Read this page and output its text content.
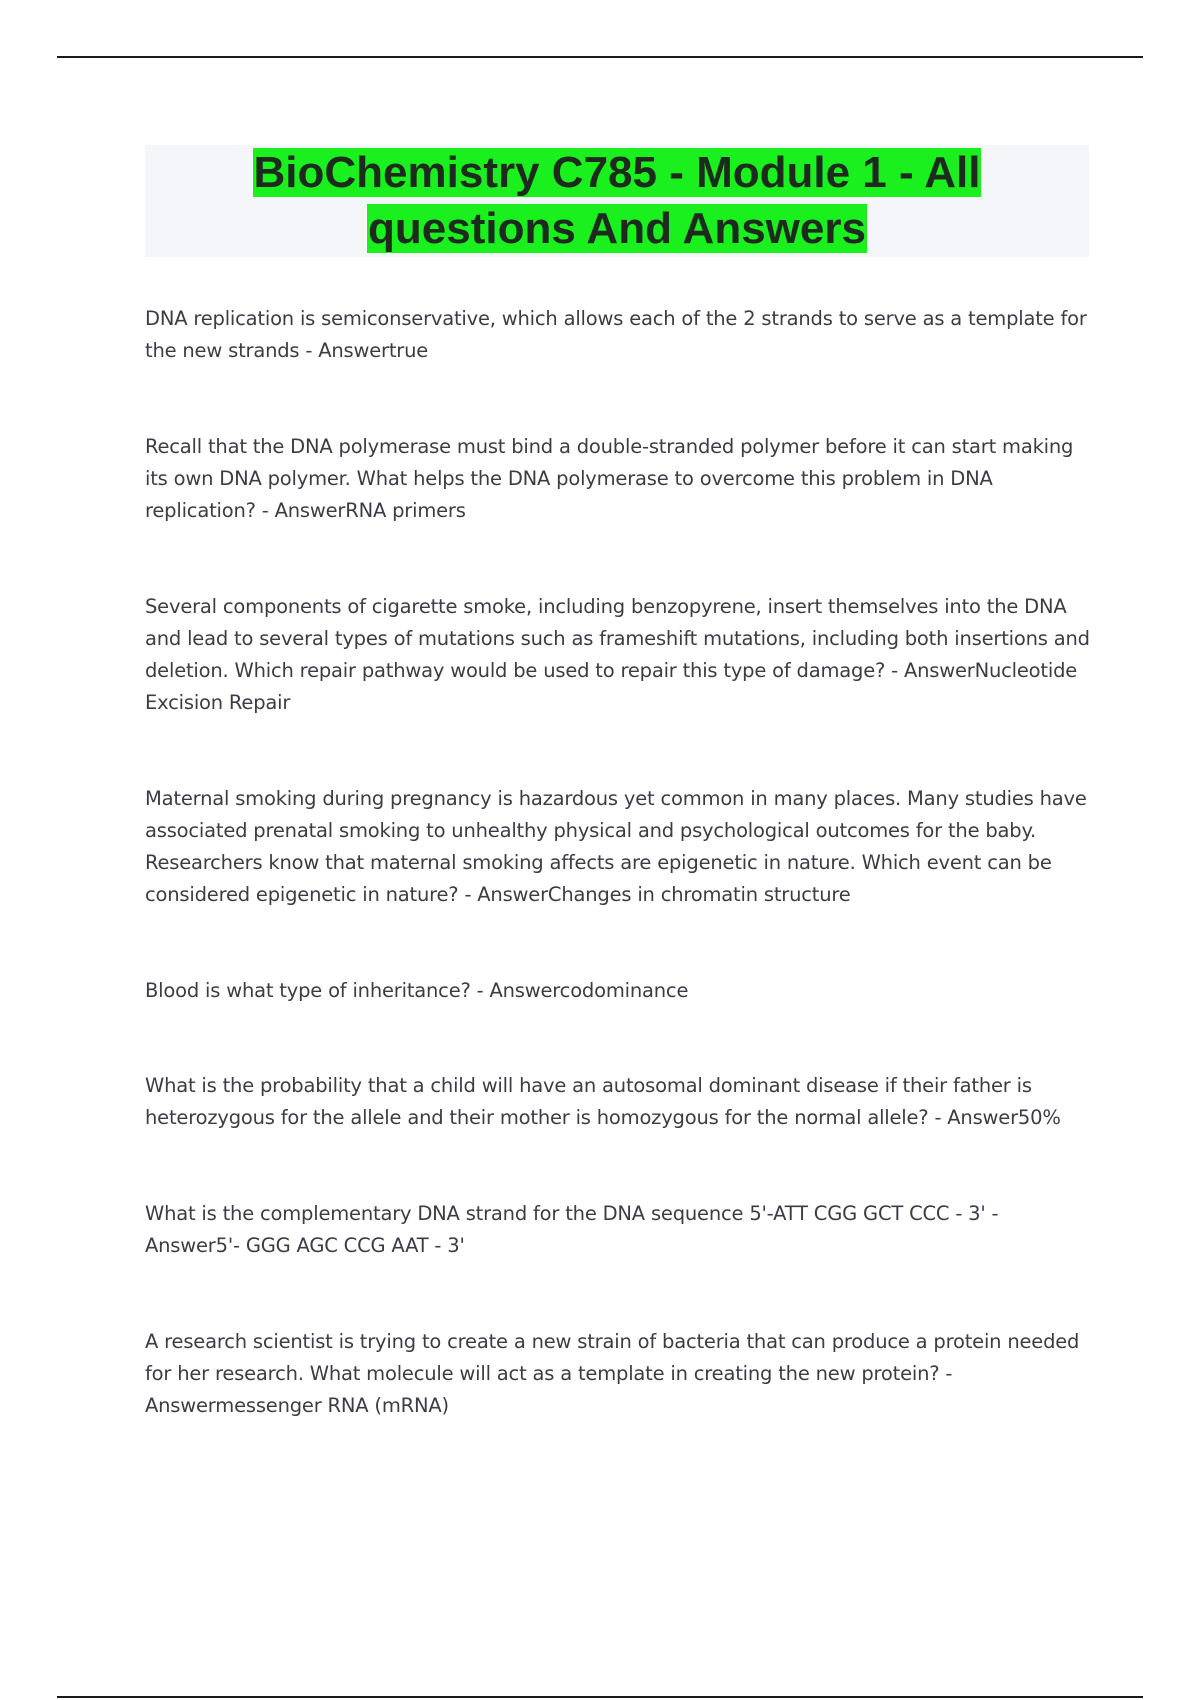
BioChemistry C785 - Module 1 - All questions And Answers

DNA replication is semiconservative, which allows each of the 2 strands to serve as a template for the new strands - Answertrue

Recall that the DNA polymerase must bind a double-stranded polymer before it can start making its own DNA polymer. What helps the DNA polymerase to overcome this problem in DNA replication? - AnswerRNA primers

Several components of cigarette smoke, including benzopyrene, insert themselves into the DNA and lead to several types of mutations such as frameshift mutations, including both insertions and deletion. Which repair pathway would be used to repair this type of damage? - AnswerNucleotide Excision Repair

Maternal smoking during pregnancy is hazardous yet common in many places. Many studies have associated prenatal smoking to unhealthy physical and psychological outcomes for the baby. Researchers know that maternal smoking affects are epigenetic in nature. Which event can be considered epigenetic in nature? - AnswerChanges in chromatin structure

Blood is what type of inheritance? - Answercodominance

What is the probability that a child will have an autosomal dominant disease if their father is heterozygous for the allele and their mother is homozygous for the normal allele? - Answer50%

What is the complementary DNA strand for the DNA sequence 5'-ATT CGG GCT CCC - 3' - Answer5'- GGG AGC CCG AAT - 3'

A research scientist is trying to create a new strain of bacteria that can produce a protein needed for her research. What molecule will act as a template in creating the new protein? - Answermessenger RNA (mRNA)
